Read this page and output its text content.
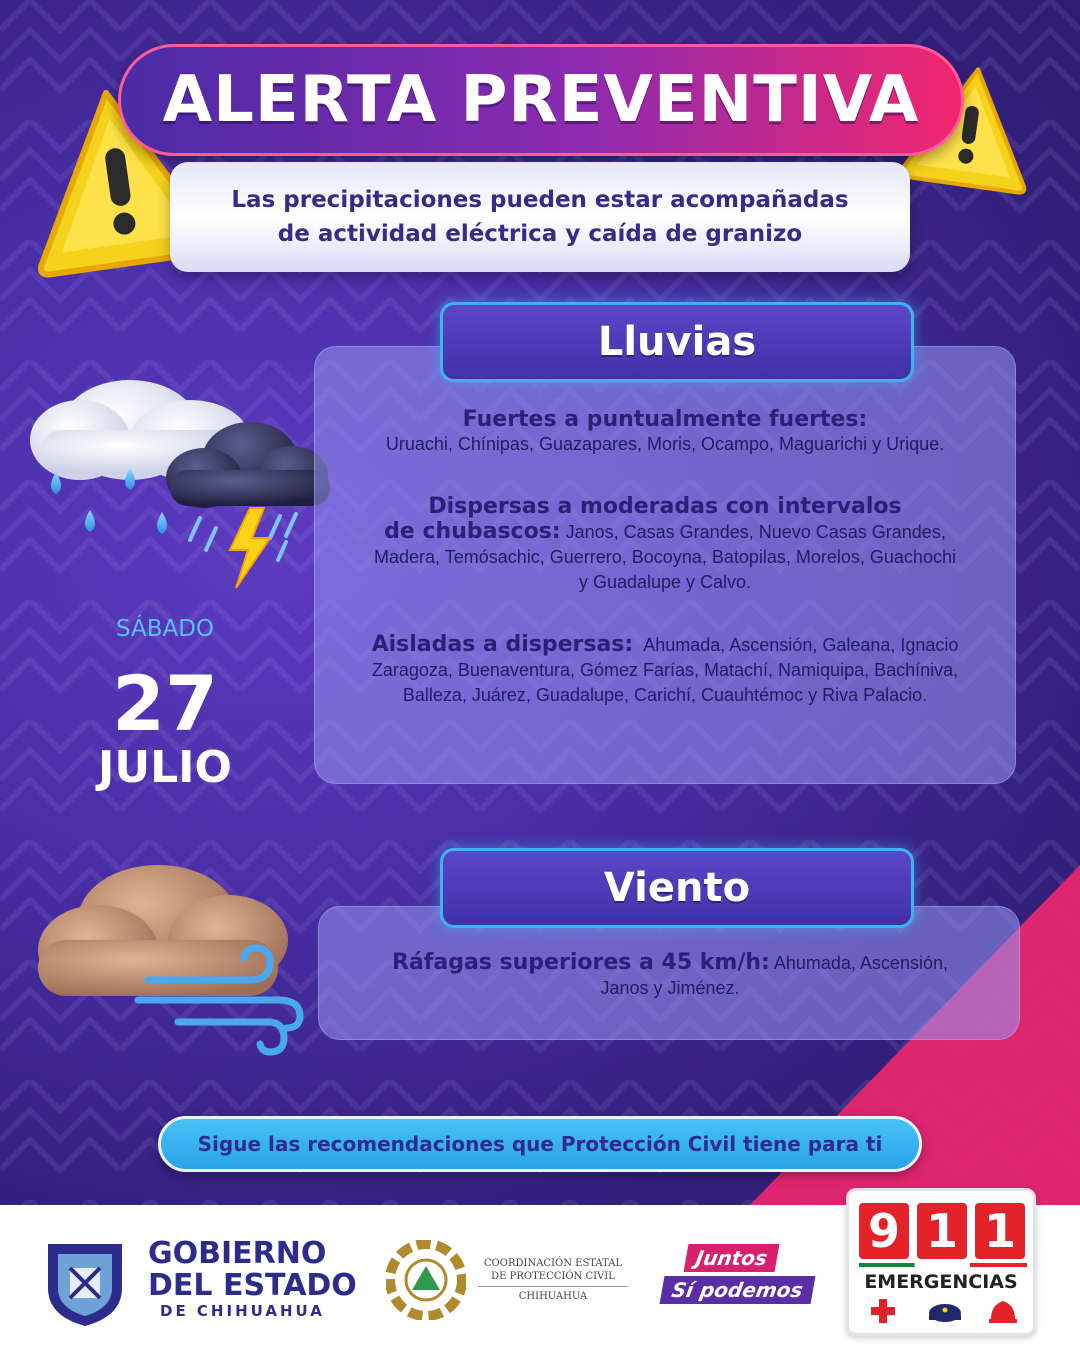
ALERTA PREVENTIVA
Las precipitaciones pueden estar acompañadas
de actividad eléctrica y caída de granizo
SÁBADO
27
JULIO
Lluvias
Fuertes a puntualmente fuertes:
Uruachi, Chínipas, Guazapares, Moris, Ocampo, Maguarichi y Urique.
Dispersas a moderadas con intervalos
de chubascos: Janos, Casas Grandes, Nuevo Casas Grandes,
Madera, Temósachic, Guerrero, Bocoyna, Batopilas, Morelos, Guachochi
y Guadalupe y Calvo.
Aisladas a dispersas: Ahumada, Ascensión, Galeana, Ignacio
Zaragoza, Buenaventura, Gómez Farías, Matachí, Namiquipa, Bachíniva,
Balleza, Juárez, Guadalupe, Carichí, Cuauhtémoc y Riva Palacio.
Viento
Ráfagas superiores a 45 km/h: Ahumada, Ascensión,
Janos y Jiménez.
Sigue las recomendaciones que Protección Civil tiene para ti
GOBIERNO
DEL ESTADO
DE CHIHUAHUA
COORDINACIÓN ESTATAL
DE PROTECCIÓN CIVIL
CHIHUAHUA
Juntos
Sí podemos
9 1 1
EMERGENCIAS
